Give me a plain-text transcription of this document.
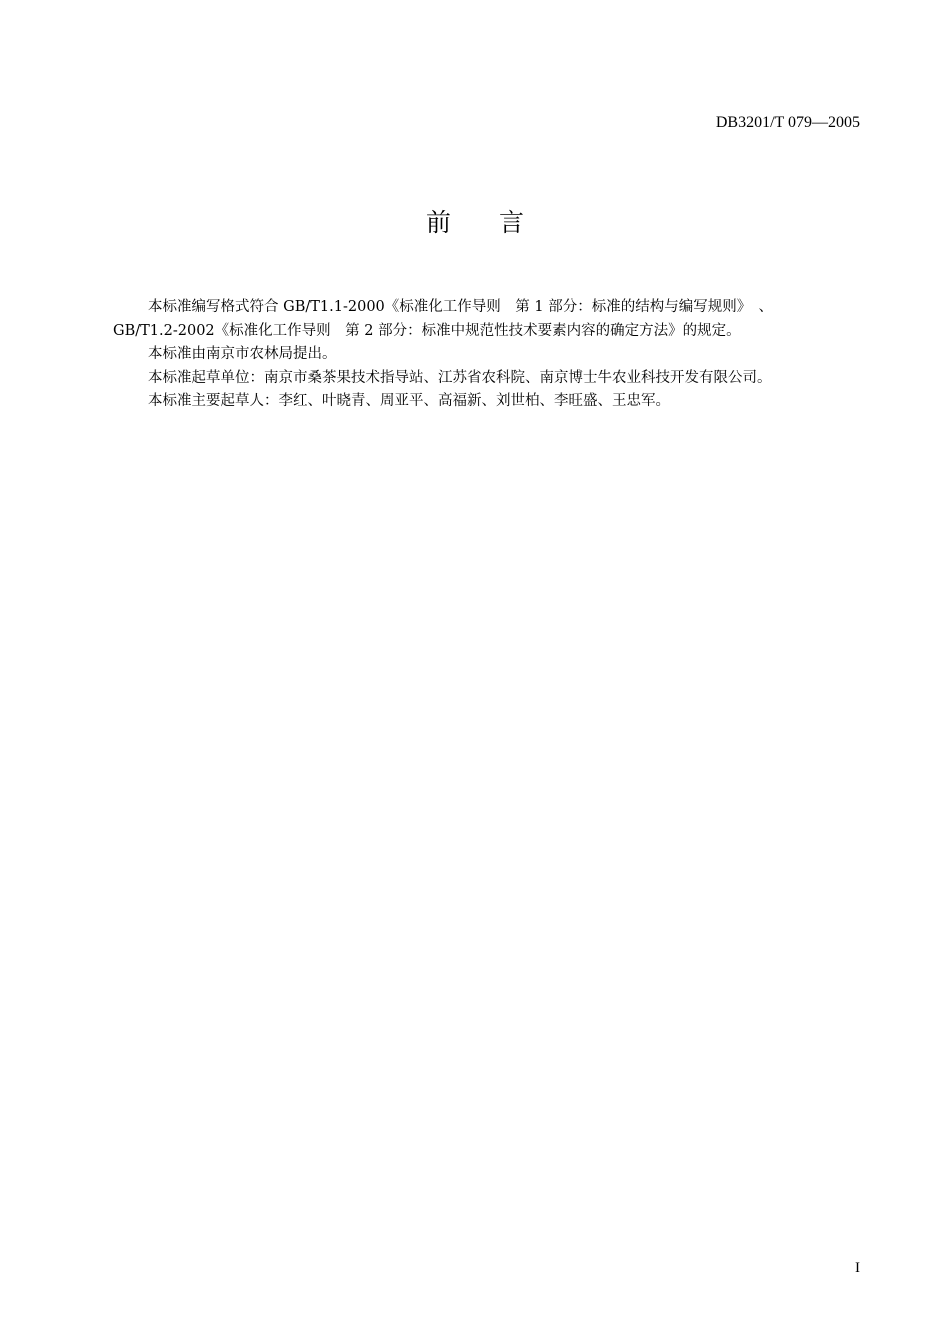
DB3201/T 079—2005
前 言
本标准编写格式符合 GB/T1.1-2000《标准化工作导则　第 1 部分：标准的结构与编写规则》　、
GB/T1.2-2002《标准化工作导则　第 2 部分：标准中规范性技术要素内容的确定方法》的规定。
本标准由南京市农林局提出。
本标准起草单位：南京市桑茶果技术指导站、江苏省农科院、南京博士牛农业科技开发有限公司。
本标准主要起草人：李红、叶晓青、周亚平、高福新、刘世柏、李旺盛、王忠军。
I
